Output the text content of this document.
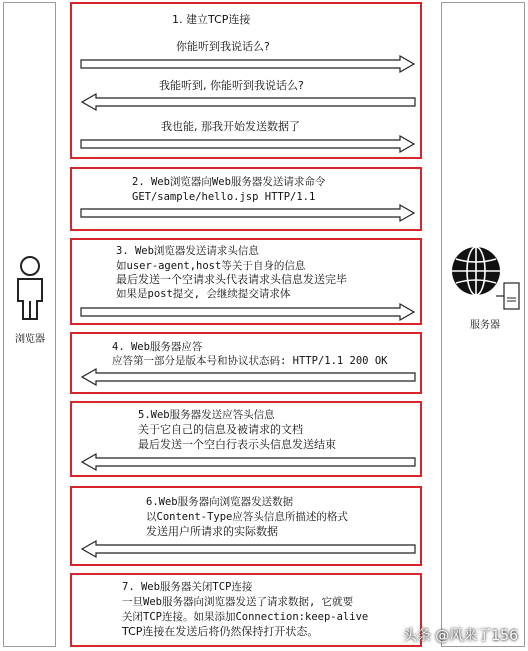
浏览器
服务器
1. 建立TCP连接
你能听到我说话么?
我能听到, 你能听到我说话么?
我也能, 那我开始发送数据了
2. Web浏览器向Web服务器发送请求命令
GET/sample/hello.jsp HTTP/1.1
3. Web浏览器发送请求头信息
如user-agent,host等关于自身的信息
最后发送一个空请求头代表请求头信息发送完毕
如果是post提交, 会继续提交请求体
4. Web服务器应答
应答第一部分是版本号和协议状态码: HTTP/1.1 200 OK
5.Web服务器发送应答头信息
关于它自己的信息及被请求的文档
最后发送一个空白行表示头信息发送结束
6.Web服务器向浏览器发送数据
以Content-Type应答头信息所描述的格式
发送用户所请求的实际数据
7. Web服务器关闭TCP连接
一旦Web服务器向浏览器发送了请求数据, 它就要
关闭TCP连接。如果添加Connection:keep-alive
TCP连接在发送后将仍然保持打开状态。	头条 @风来了156
